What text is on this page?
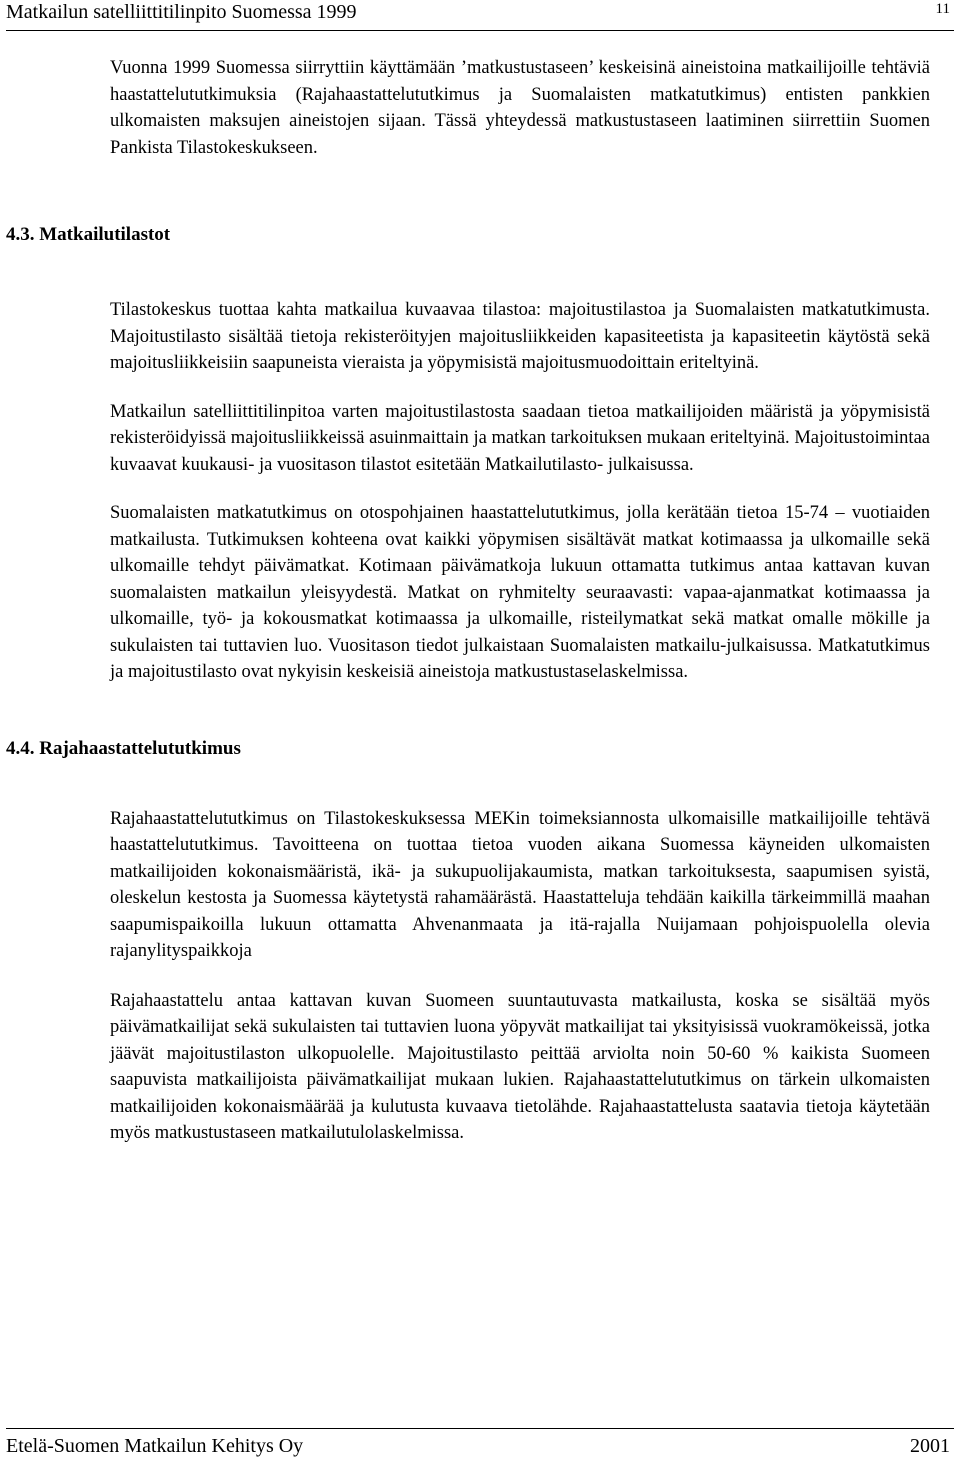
Matkailun satelliittitilinpito Suomessa 1999	11

Vuonna 1999 Suomessa siirryttiin käyttämään ’matkustustaseen’ keskeisinä aineistoina matkailijoille tehtäviä haastattelututkimuksia (Rajahaastattelututkimus ja Suomalaisten matkatutkimus) entisten pankkien ulkomaisten maksujen aineistojen sijaan. Tässä yhteydessä matkustustaseen laatiminen siirrettiin Suomen Pankista Tilastokeskukseen.

4.3. Matkailutilastot

Tilastokeskus tuottaa kahta matkailua kuvaavaa tilastoa: majoitustilastoa ja Suomalaisten matkatutkimusta. Majoitustilasto sisältää tietoja rekisteröityjen majoitusliikkeiden kapasiteetista ja kapasiteetin käytöstä sekä majoitusliikkeisiin saapuneista vieraista ja yöpymisistä majoitusmuodoittain eriteltyinä.

Matkailun satelliittitilinpitoa varten majoitustilastosta saadaan tietoa matkailijoiden määristä ja yöpymisistä rekisteröidyissä majoitusliikkeissä asuinmaittain ja matkan tarkoituksen mukaan eriteltyinä. Majoitustoimintaa kuvaavat kuukausi- ja vuositason tilastot esitetään Matkailutilasto- julkaisussa.

Suomalaisten matkatutkimus on otospohjainen haastattelututkimus, jolla kerätään tietoa 15-74 – vuotiaiden matkailusta. Tutkimuksen kohteena ovat kaikki yöpymisen sisältävät matkat kotimaassa ja ulkomaille sekä ulkomaille tehdyt päivämatkat. Kotimaan päivämatkoja lukuun ottamatta tutkimus antaa kattavan kuvan suomalaisten matkailun yleisyydestä. Matkat on ryhmitelty seuraavasti: vapaa-ajanmatkat kotimaassa ja ulkomaille, työ- ja kokousmatkat kotimaassa ja ulkomaille, risteilymatkat sekä matkat omalle mökille ja sukulaisten tai tuttavien luo. Vuositason tiedot julkaistaan Suomalaisten matkailu-julkaisussa. Matkatutkimus ja majoitustilasto ovat nykyisin keskeisiä aineistoja matkustustaselaskelmissa.

4.4. Rajahaastattelututkimus

Rajahaastattelututkimus on Tilastokeskuksessa MEKin toimeksiannosta ulkomaisille matkailijoille tehtävä haastattelututkimus. Tavoitteena on tuottaa tietoa vuoden aikana Suomessa käyneiden ulkomaisten matkailijoiden kokonaismääristä, ikä- ja sukupuolijakaumista, matkan tarkoituksesta, saapumisen syistä, oleskelun kestosta ja Suomessa käytetystä rahamäärästä. Haastatteluja tehdään kaikilla tärkeimmillä maahan saapumispaikoilla lukuun ottamatta Ahvenanmaata ja itä-rajalla Nuijamaan pohjoispuolella olevia rajanylityspaikkoja

Rajahaastattelu antaa kattavan kuvan Suomeen suuntautuvasta matkailusta, koska se sisältää myös päivämatkailijat sekä sukulaisten tai tuttavien luona yöpyvät matkailijat tai yksityisissä vuokramökeissä, jotka jäävät majoitustilaston ulkopuolelle. Majoitustilasto peittää arviolta noin 50-60 % kaikista Suomeen saapuvista matkailijoista päivämatkailijat mukaan lukien. Rajahaastattelututkimus on tärkein ulkomaisten matkailijoiden kokonaismäärää ja kulutusta kuvaava tietolähde. Rajahaastattelusta saatavia tietoja käytetään myös matkustustaseen matkailutulolaskelmissa.

Etelä-Suomen Matkailun Kehitys Oy	2001
